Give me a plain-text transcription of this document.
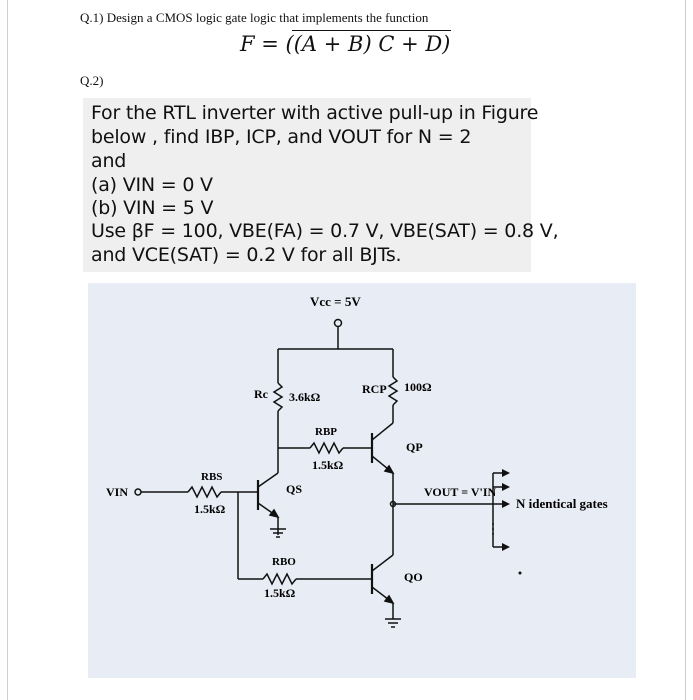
Q.1) Design a CMOS logic gate logic that implements the function
F = ((A + B) C + D)
Q.2)
For the RTL inverter with active pull-up in Figure
below , find IBP, ICP, and VOUT for N = 2
and
(a) VIN = 0 V
(b) VIN = 5 V
Use βF = 100, VBE(FA) = 0.7 V, VBE(SAT) = 0.8 V,
and VCE(SAT) = 0.2 V for all BJTs.
Vcc = 5V
Rc 3.6kΩ
RCP 100Ω
RBP
1.5kΩ
QP
VIN
RBS
1.5kΩ
QS	VOUT = V'IN
N identical gates
RBO
1.5kΩ
QO
